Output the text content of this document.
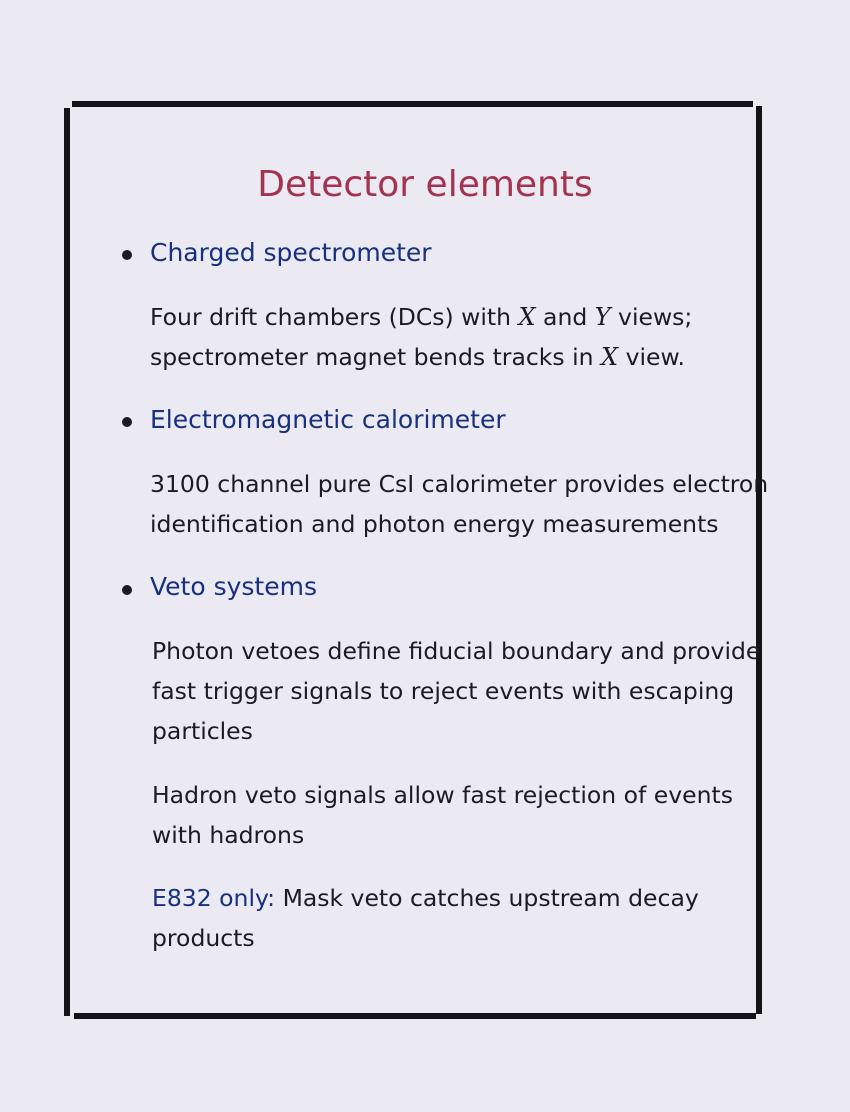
Detector elements
Charged spectrometer
Four drift chambers (DCs) with X and Y views;
spectrometer magnet bends tracks in X view.
Electromagnetic calorimeter
3100 channel pure CsI calorimeter provides electron
identification and photon energy measurements
Veto systems
Photon vetoes define fiducial boundary and provide
fast trigger signals to reject events with escaping
particles
Hadron veto signals allow fast rejection of events
with hadrons
E832 only: Mask veto catches upstream decay
products
